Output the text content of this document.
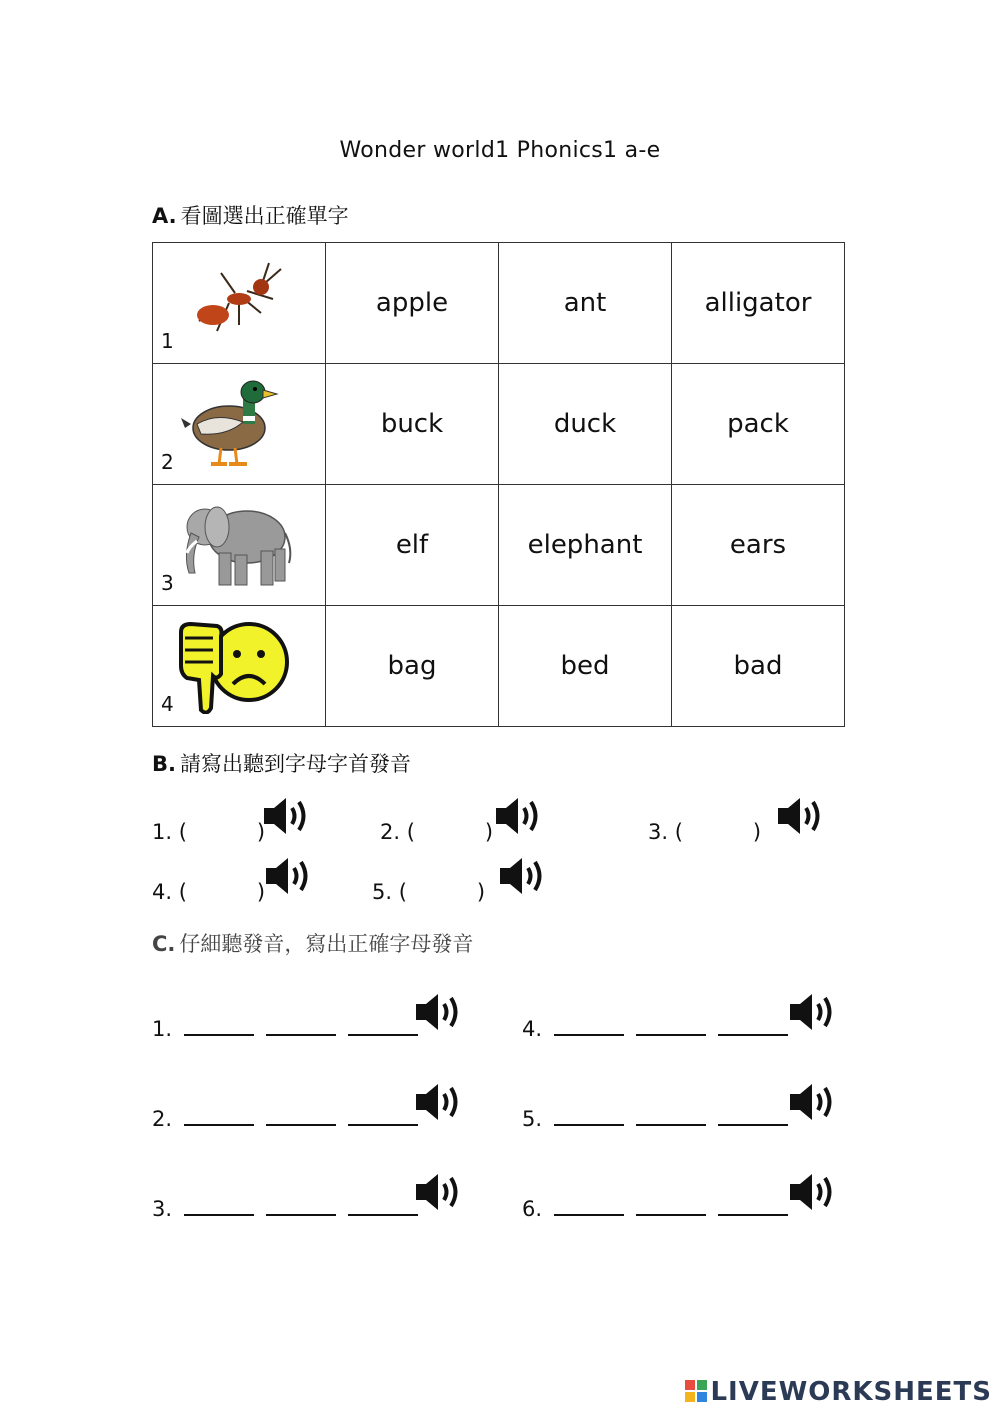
Wonder world1 Phonics1 a-e
A. 看圖選出正確單字
1	apple	ant	alligator

2	buck	duck	pack

3	elf	elephant	ears

4	bag	bed	bad
B. 請寫出聽到字母字首發音
1. (	)	2. (	)	3. (	)
4. (	)	5. (	)
C. 仔細聽發音，寫出正確字母發音
1.
2.
3.
4.
5.
6.
LIVEWORKSHEETS
